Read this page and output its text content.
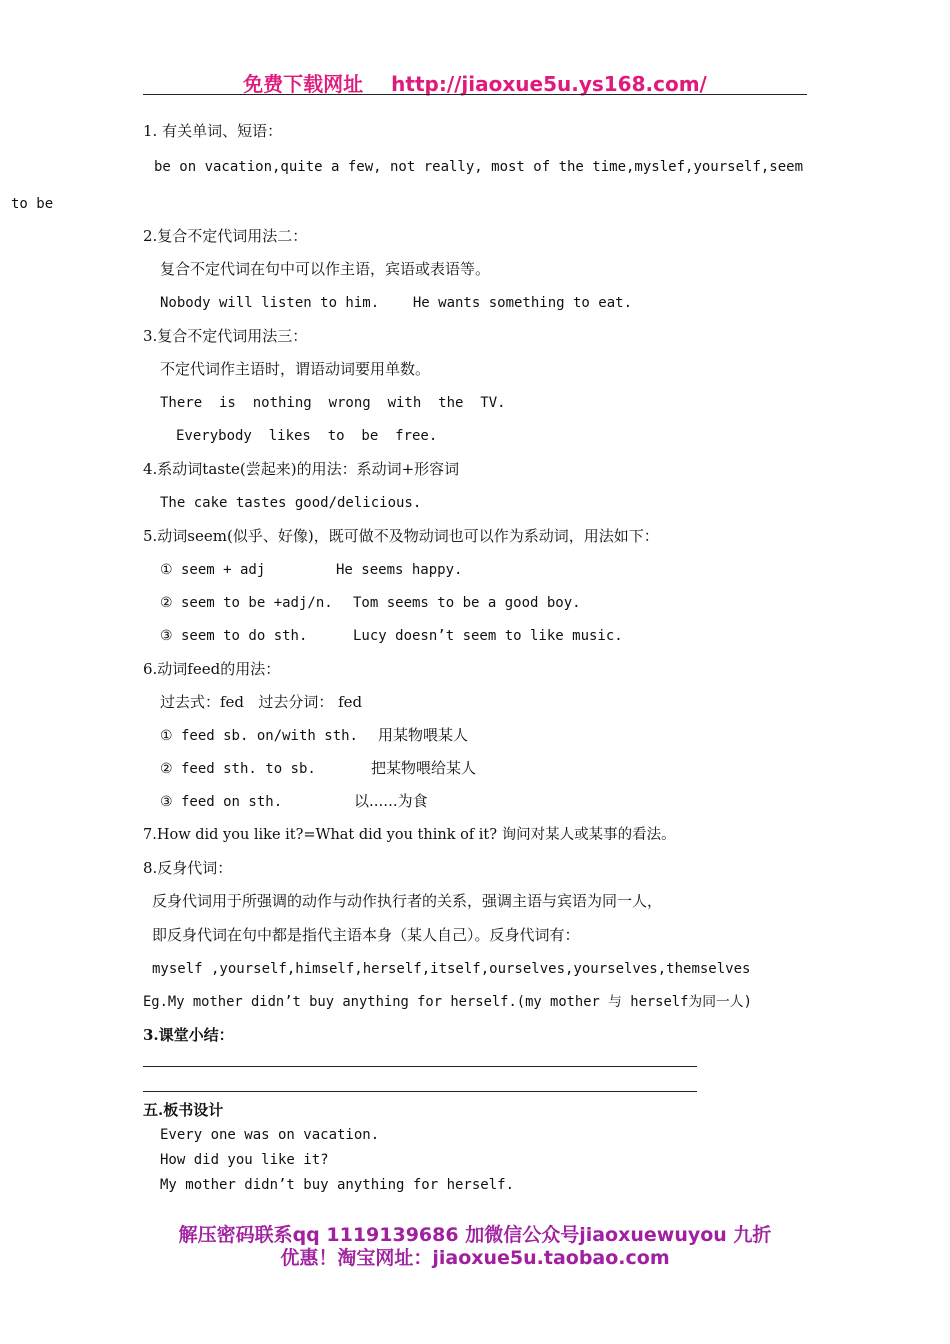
免费下载网址 http://jiaoxue5u.ys168.com/
1. 有关单词、短语：
be on vacation,quite a few, not really, most of the time,myslef,yourself,seem
to be
2.复合不定代词用法二：
复合不定代词在句中可以作主语，宾语或表语等。
Nobody will listen to him.    He wants something to eat.
3.复合不定代词用法三：
不定代词作主语时，谓语动词要用单数。
There  is  nothing  wrong  with  the  TV.
Everybody  likes  to  be  free.
4.系动词taste(尝起来)的用法：系动词+形容词
The cake tastes good/delicious.
5.动词seem(似乎、好像)，既可做不及物动词也可以作为系动词，用法如下：
① seem + adj	He seems happy.
② seem to be +adj/n. Tom seems to be a good boy.
③ seem to do sth.	Lucy doesn’t seem to like music.
6.动词feed的用法：
过去式：fed   过去分词： fed
① feed sb. on/with sth. 用某物喂某人
② feed sth. to sb.	把某物喂给某人
③ feed on sth.	以......为食
7.How did you like it?=What did you think of it? 询问对某人或某事的看法。
8.反身代词：
反身代词用于所强调的动作与动作执行者的关系，强调主语与宾语为同一人，
即反身代词在句中都是指代主语本身（某人自己）。反身代词有：
myself ,yourself,himself,herself,itself,ourselves,yourselves,themselves
Eg.My mother didn’t buy anything for herself.(my mother 与 herself为同一人)
3.课堂小结：
五.板书设计
Every one was on vacation.
How did you like it?
My mother didn’t buy anything for herself.
解压密码联系qq 1119139686 加微信公众号jiaoxuewuyou 九折
优惠！淘宝网址：jiaoxue5u.taobao.com
